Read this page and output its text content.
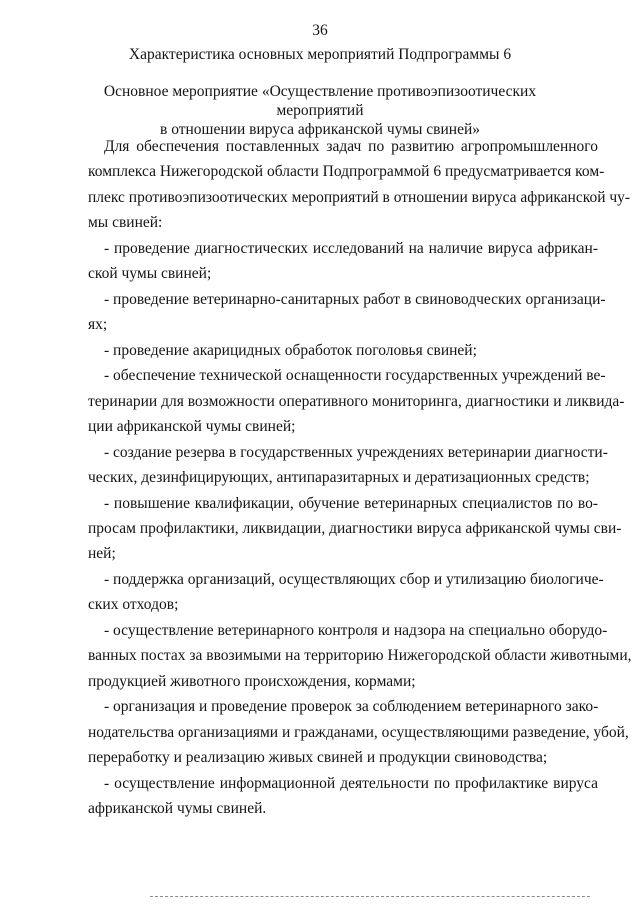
36
Характеристика основных мероприятий Подпрограммы 6
Основное мероприятие «Осуществление противоэпизоотических мероприятий
в отношении вируса африканской чумы свиней»
Для обеспечения поставленных задач по развитию агропромышленного
комплекса Нижегородской области Подпрограммой 6 предусматривается ком-
плекс противоэпизоотических мероприятий в отношении вируса африканской чу-
мы свиней:
- проведение диагностических исследований на наличие вируса африкан-
ской чумы свиней;
- проведение ветеринарно-санитарных работ в свиноводческих организаци-
ях;
- проведение акарицидных обработок поголовья свиней;
- обеспечение технической оснащенности государственных учреждений ве-
теринарии для возможности оперативного мониторинга, диагностики и ликвида-
ции африканской чумы свиней;
- создание резерва в государственных учреждениях ветеринарии диагности-
ческих, дезинфицирующих, антипаразитарных и дератизационных средств;
- повышение квалификации, обучение ветеринарных специалистов по во-
просам профилактики, ликвидации, диагностики вируса африканской чумы сви-
ней;
- поддержка организаций, осуществляющих сбор и утилизацию биологиче-
ских отходов;
- осуществление ветеринарного контроля и надзора на специально оборудо-
ванных постах за ввозимыми на территорию Нижегородской области животными,
продукцией животного происхождения, кормами;
- организация и проведение проверок за соблюдением ветеринарного зако-
нодательства организациями и гражданами, осуществляющими разведение, убой,
переработку и реализацию живых свиней и продукции свиноводства;
- осуществление информационной деятельности по профилактике вируса
африканской чумы свиней.
